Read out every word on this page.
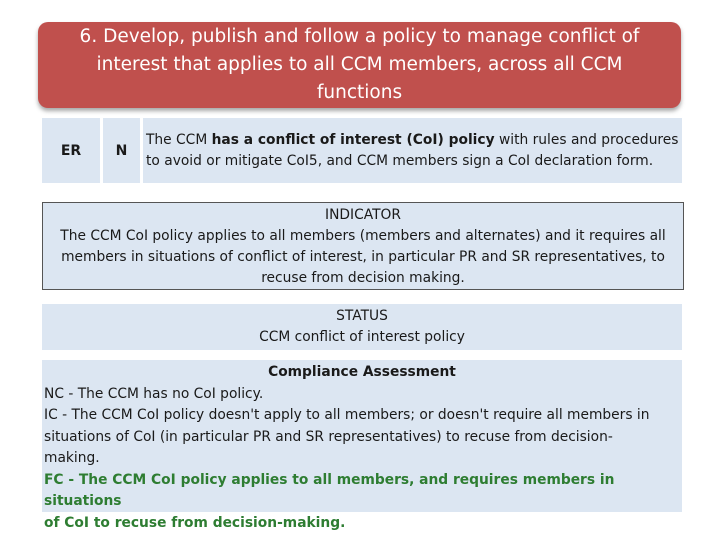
6. Develop, publish and follow a policy to manage conflict of
interest that applies to all CCM members, across all CCM
functions
ER N
The CCM has a conflict of interest (CoI) policy with rules and procedures
to avoid or mitigate CoI5, and CCM members sign a CoI declaration form.
INDICATOR
The CCM CoI policy applies to all members (members and alternates) and it requires all
members in situations of conflict of interest, in particular PR and SR representatives, to
recuse from decision making.
STATUS
CCM conflict of interest policy
Compliance Assessment
NC - The CCM has no CoI policy.
IC - The CCM CoI policy doesn't apply to all members; or doesn't require all members in
situations of CoI (in particular PR and SR representatives) to recuse from decision-
making.
FC - The CCM CoI policy applies to all members, and requires members in situations
of CoI to recuse from decision-making.
